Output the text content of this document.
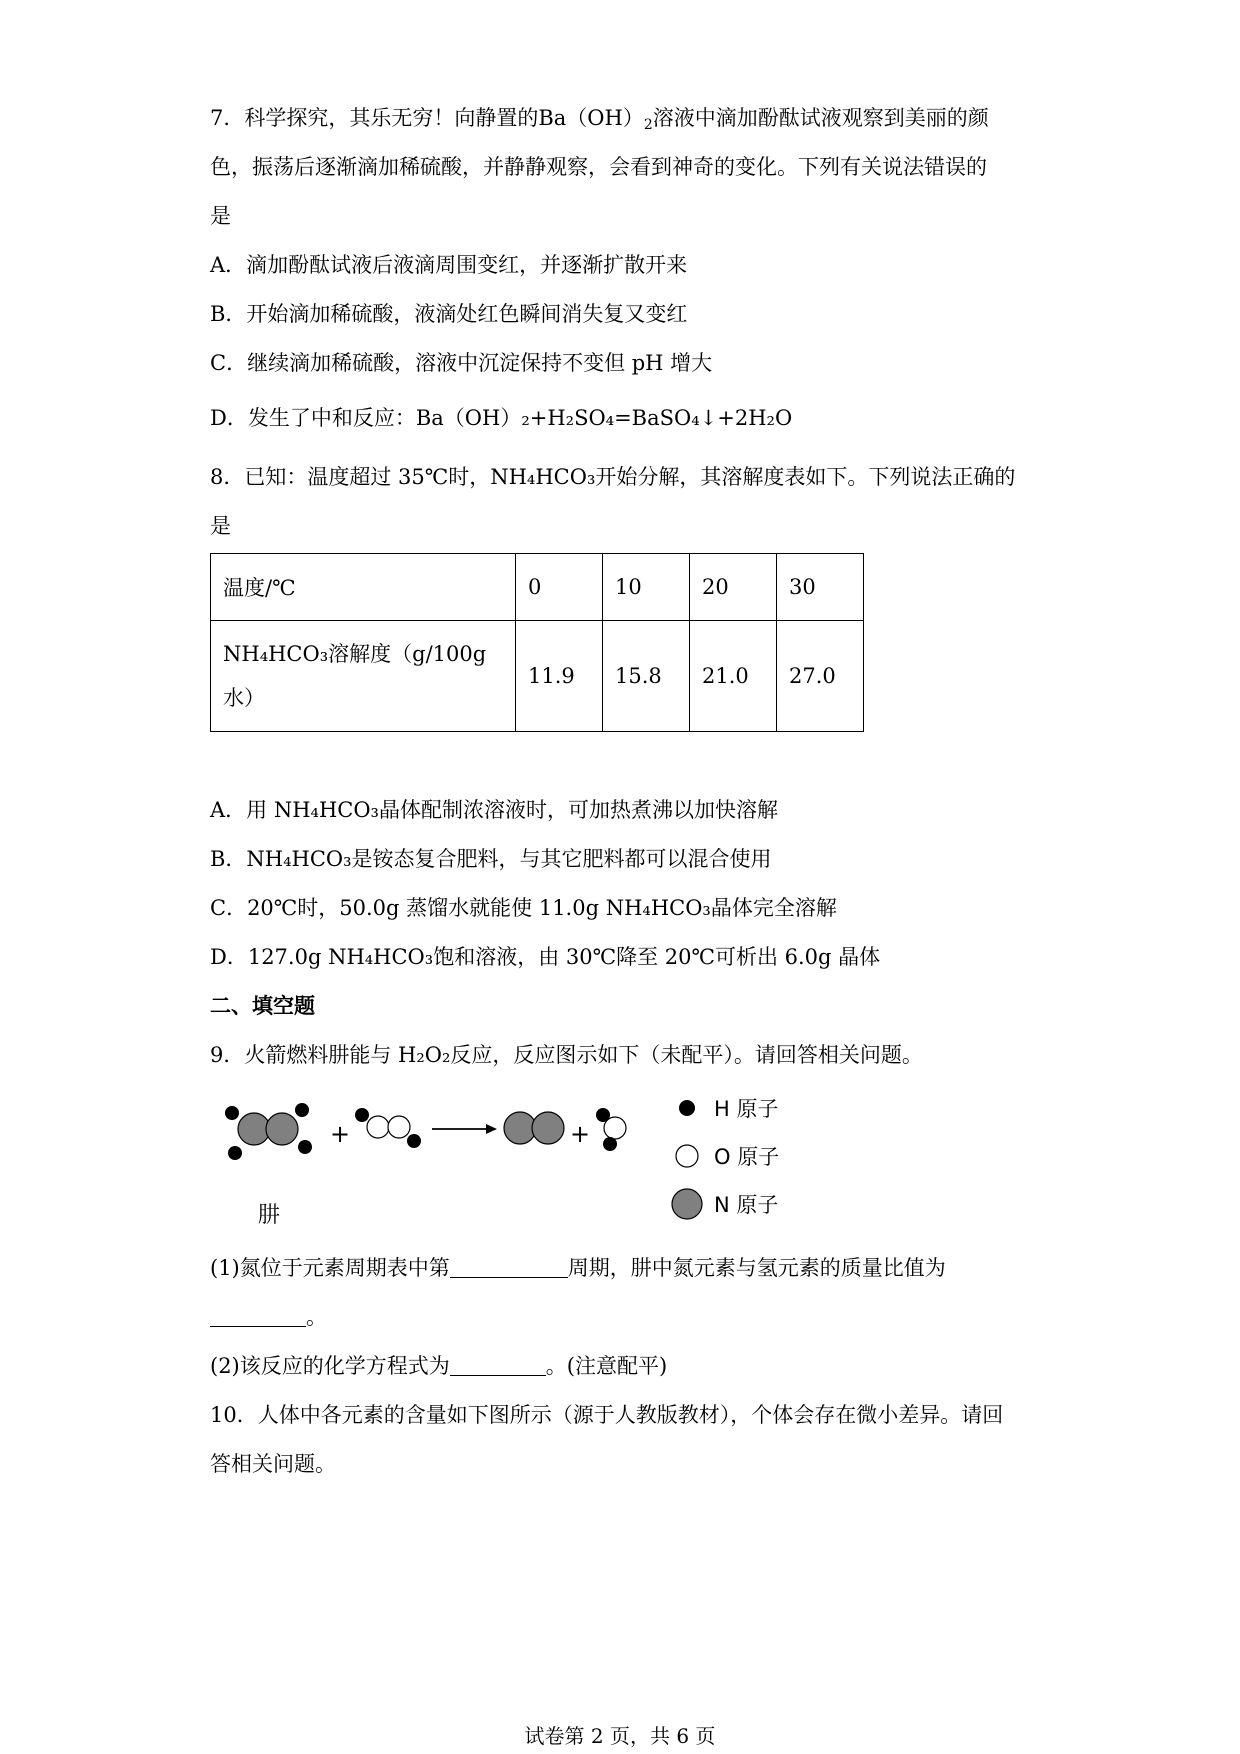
7．科学探究，其乐无穷！向静置的$Ba(OH)_2$溶液中滴加酚酞试液观察到美丽的颜
色，振荡后逐渐滴加稀硫酸，并静静观察，会看到神奇的变化。下列有关说法错误的
是
A．滴加酚酞试液后液滴周围变红，并逐渐扩散开来
B．开始滴加稀硫酸，液滴处红色瞬间消失复又变红
C．继续滴加稀硫酸，溶液中沉淀保持不变但 pH 增大
D．发生了中和反应：Ba（OH）₂+H₂SO₄=BaSO₄↓+2H₂O
8．已知：温度超过 35℃时，NH₄HCO₃开始分解，其溶解度表如下。下列说法正确的
是
温度/℃	0	10	20	30

NH₄HCO₃溶解度（g/100g
水）	11.9	15.8	21.0	27.0
A．用 NH₄HCO₃晶体配制浓溶液时，可加热煮沸以加快溶解
B．NH₄HCO₃是铵态复合肥料，与其它肥料都可以混合使用
C．20℃时，50.0g 蒸馏水就能使 11.0g NH₄HCO₃晶体完全溶解
D．127.0g NH₄HCO₃饱和溶液，由 30℃降至 20℃可析出 6.0g 晶体
二、填空题
9．火箭燃料肼能与 H₂O₂反应，反应图示如下（未配平）。请回答相关问题。
+	+
肼
H 原子
O 原子
N 原子
(1)氮位于元素周期表中第	周期，肼中氮元素与氢元素的质量比值为
。
(2)该反应的化学方程式为	。(注意配平)
10．人体中各元素的含量如下图所示（源于人教版教材），个体会存在微小差异。请回
答相关问题。
试卷第 2 页，共 6 页
